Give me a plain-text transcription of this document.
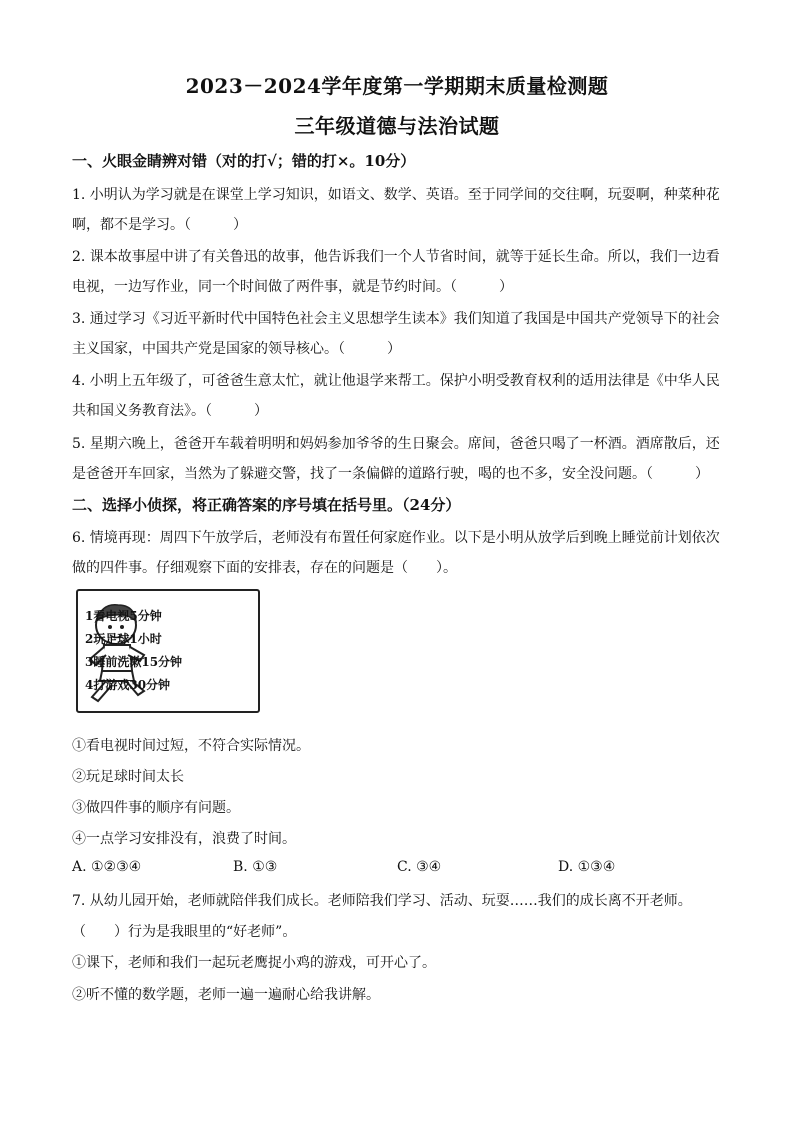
2023－2024学年度第一学期期末质量检测题
三年级道德与法治试题
一、火眼金睛辨对错（对的打√；错的打×。10分）
1. 小明认为学习就是在课堂上学习知识，如语文、数学、英语。至于同学间的交往啊，玩耍啊，种菜种花
啊，都不是学习。（　　　）
2. 课本故事屋中讲了有关鲁迅的故事，他告诉我们一个人节省时间，就等于延长生命。所以，我们一边看
电视，一边写作业，同一个时间做了两件事，就是节约时间。（　　　）
3. 通过学习《习近平新时代中国特色社会主义思想学生读本》我们知道了我国是中国共产党领导下的社会
主义国家，中国共产党是国家的领导核心。（　　　）
4. 小明上五年级了，可爸爸生意太忙，就让他退学来帮工。保护小明受教育权利的适用法律是《中华人民
共和国义务教育法》。（　　　）
5. 星期六晚上，爸爸开车载着明明和妈妈参加爷爷的生日聚会。席间，爸爸只喝了一杯酒。酒席散后，还
是爸爸开车回家，当然为了躲避交警，找了一条偏僻的道路行驶，喝的也不多，安全没问题。（　　　）
二、选择小侦探，将正确答案的序号填在括号里。（24分）
6. 情境再现：周四下午放学后，老师没有布置任何家庭作业。以下是小明从放学后到晚上睡觉前计划依次
做的四件事。仔细观察下面的安排表，存在的问题是（　　）。
1看电视5分钟
2玩足球1小时
3睡前洗漱15分钟
4打游戏30分钟
①看电视时间过短，不符合实际情况。
②玩足球时间太长
③做四件事的顺序有问题。
④一点学习安排没有，浪费了时间。
A. ①②③④	B. ①③	C. ③④	D. ①③④
7. 从幼儿园开始，老师就陪伴我们成长。老师陪我们学习、活动、玩耍……我们的成长离不开老师。
（　　）行为是我眼里的“好老师”。
①课下，老师和我们一起玩老鹰捉小鸡的游戏，可开心了。
②听不懂的数学题，老师一遍一遍耐心给我讲解。
